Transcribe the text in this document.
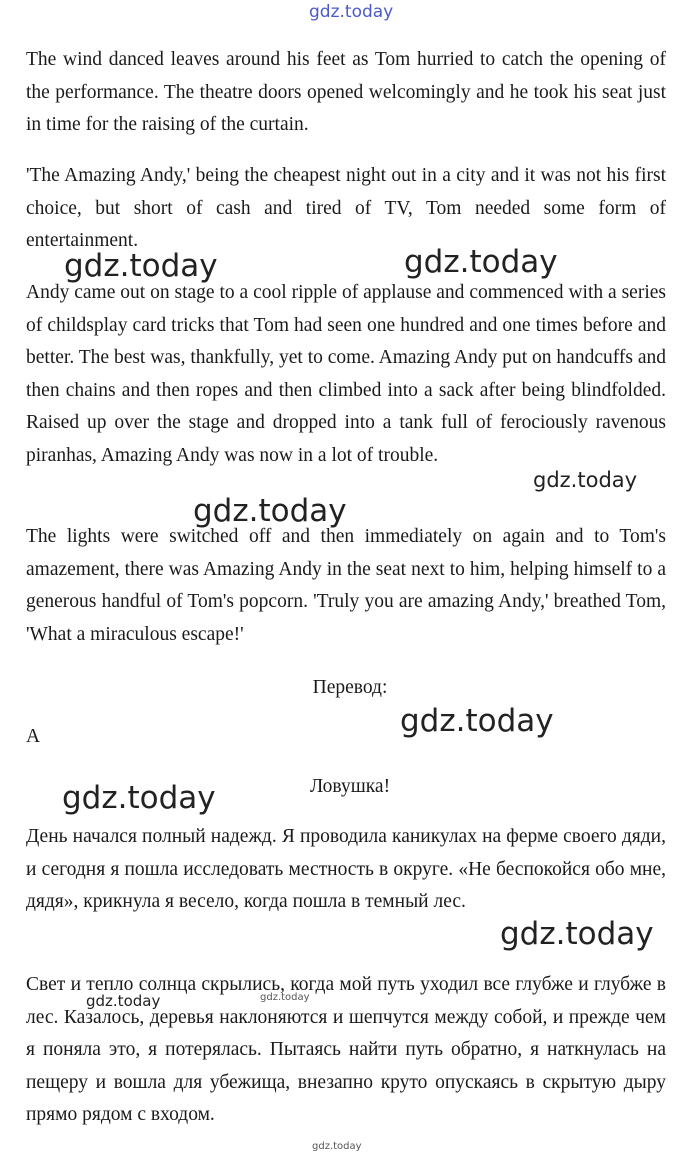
gdz.today

The wind danced leaves around his feet as Tom hurried to catch the opening of the performance. The theatre doors opened welcomingly and he took his seat just in time for the raising of the curtain.

'The Amazing Andy,' being the cheapest night out in a city and it was not his first choice, but short of cash and tired of TV, Tom needed some form of entertainment.

gdz.today	gdz.today

Andy came out on stage to a cool ripple of applause and commenced with a series of childsplay card tricks that Tom had seen one hundred and one times before and better. The best was, thankfully, yet to come. Amazing Andy put on handcuffs and then chains and then ropes and then climbed into a sack after being blindfolded. Raised up over the stage and dropped into a tank full of ferociously ravenous piranhas, Amazing Andy was now in a lot of trouble.

gdz.today
gdz.today

The lights were switched off and then immediately on again and to Tom's amazement, there was Amazing Andy in the seat next to him, helping himself to a generous handful of Tom's popcorn. 'Truly you are amazing Andy,' breathed Tom, 'What a miraculous escape!'

Перевод:

gdz.today

A

Ловушка!

gdz.today

День начался полный надежд. Я проводила каникулах на ферме своего дяди, и сегодня я пошла исследовать местность в округе. «Не беспокойся обо мне, дядя», крикнула я весело, когда пошла в темный лес.

gdz.today

Свет и тепло солнца скрылись, когда мой путь уходил все глубже и глубже в лес. Казалось, деревья наклоняются и шепчутся между собой, и прежде чем я поняла это, я потерялась. Пытаясь найти путь обратно, я наткнулась на пещеру и вошла для убежища, внезапно круто опускаясь в скрытую дыру прямо рядом с входом.

gdz.today	gdz.today
gdz.today
